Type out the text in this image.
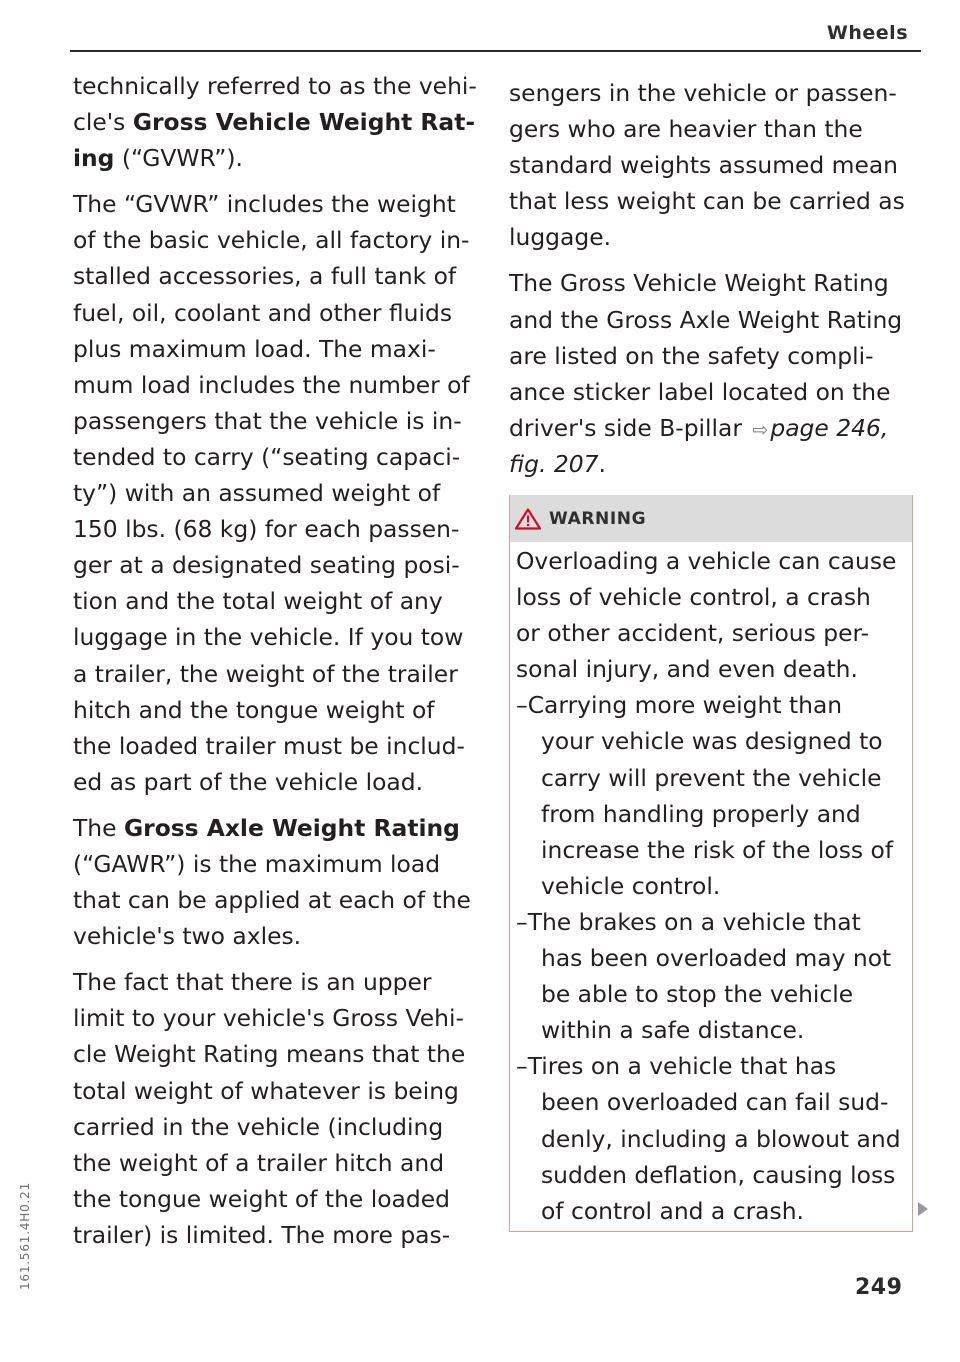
Wheels
technically referred to as the vehi-
cle's Gross Vehicle Weight Rat-
ing (“GVWR”).
The “GVWR” includes the weight
of the basic vehicle, all factory in-
stalled accessories, a full tank of
fuel, oil, coolant and other fluids
plus maximum load. The maxi-
mum load includes the number of
passengers that the vehicle is in-
tended to carry (“seating capaci-
ty”) with an assumed weight of
150 lbs. (68 kg) for each passen-
ger at a designated seating posi-
tion and the total weight of any
luggage in the vehicle. If you tow
a trailer, the weight of the trailer
hitch and the tongue weight of
the loaded trailer must be includ-
ed as part of the vehicle load.
The Gross Axle Weight Rating
(“GAWR”) is the maximum load
that can be applied at each of the
vehicle's two axles.
The fact that there is an upper
limit to your vehicle's Gross Vehi-
cle Weight Rating means that the
total weight of whatever is being
carried in the vehicle (including
the weight of a trailer hitch and
the tongue weight of the loaded
trailer) is limited. The more pas-
sengers in the vehicle or passen-
gers who are heavier than the
standard weights assumed mean
that less weight can be carried as
luggage.
The Gross Vehicle Weight Rating
and the Gross Axle Weight Rating
are listed on the safety compli-
ance sticker label located on the
driver's side B-pillar ⇨page 246,
fig. 207.
WARNING
Overloading a vehicle can cause
loss of vehicle control, a crash
or other accident, serious per-
sonal injury, and even death.
–Carrying more weight than
your vehicle was designed to
carry will prevent the vehicle
from handling properly and
increase the risk of the loss of
vehicle control.
–The brakes on a vehicle that
has been overloaded may not
be able to stop the vehicle
within a safe distance.
–Tires on a vehicle that has
been overloaded can fail sud-
denly, including a blowout and
sudden deflation, causing loss
of control and a crash.
249
161.561.4H0.21
